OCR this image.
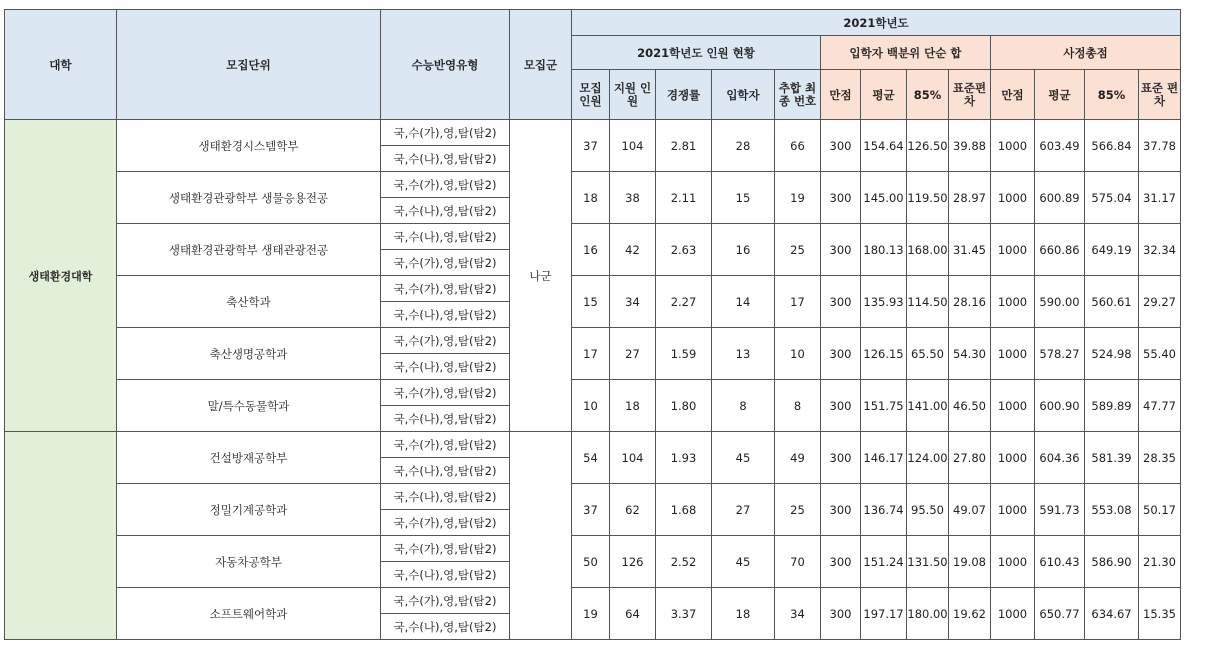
대학	모집단위	수능반영유형	모집군	2021학년도												
				2021학년도 인원 현황					입학자 백분위 단순 합				사정총점			
				모집 인원	지원 인원	경쟁률	입학자	추합 최종 번호	만점	평균	85%	표준편차	만점	평균	85%	표준 편차
생태환경대학	생태환경시스템학부	국,수(가),영,탐(탐2)	나군	37	104	2.81	28	66	300	154.64	126.50	39.88	1000	603.49	566.84	37.78
		국,수(나),영,탐(탐2)														
	생태환경관광학부 생물응용전공	국,수(가),영,탐(탐2)		18	38	2.11	15	19	300	145.00	119.50	28.97	1000	600.89	575.04	31.17
		국,수(나),영,탐(탐2)														
	생태환경관광학부 생태관광전공	국,수(나),영,탐(탐2)		16	42	2.63	16	25	300	180.13	168.00	31.45	1000	660.86	649.19	32.34
		국,수(가),영,탐(탐2)														
	축산학과	국,수(가),영,탐(탐2)		15	34	2.27	14	17	300	135.93	114.50	28.16	1000	590.00	560.61	29.27
		국,수(나),영,탐(탐2)														
	축산생명공학과	국,수(가),영,탐(탐2)		17	27	1.59	13	10	300	126.15	65.50	54.30	1000	578.27	524.98	55.40
		국,수(나),영,탐(탐2)														
	말/특수동물학과	국,수(가),영,탐(탐2)		10	18	1.80	8	8	300	151.75	141.00	46.50	1000	600.90	589.89	47.77
		국,수(나),영,탐(탐2)														
	건설방재공학부	국,수(가),영,탐(탐2)		54	104	1.93	45	49	300	146.17	124.00	27.80	1000	604.36	581.39	28.35
		국,수(나),영,탐(탐2)														
	정밀기계공학과	국,수(나),영,탐(탐2)		37	62	1.68	27	25	300	136.74	95.50	49.07	1000	591.73	553.08	50.17
		국,수(가),영,탐(탐2)														
	자동차공학부	국,수(가),영,탐(탐2)		50	126	2.52	45	70	300	151.24	131.50	19.08	1000	610.43	586.90	21.30
		국,수(나),영,탐(탐2)														
	소프트웨어학과	국,수(가),영,탐(탐2)		19	64	3.37	18	34	300	197.17	180.00	19.62	1000	650.77	634.67	15.35
		국,수(나),영,탐(탐2)														
